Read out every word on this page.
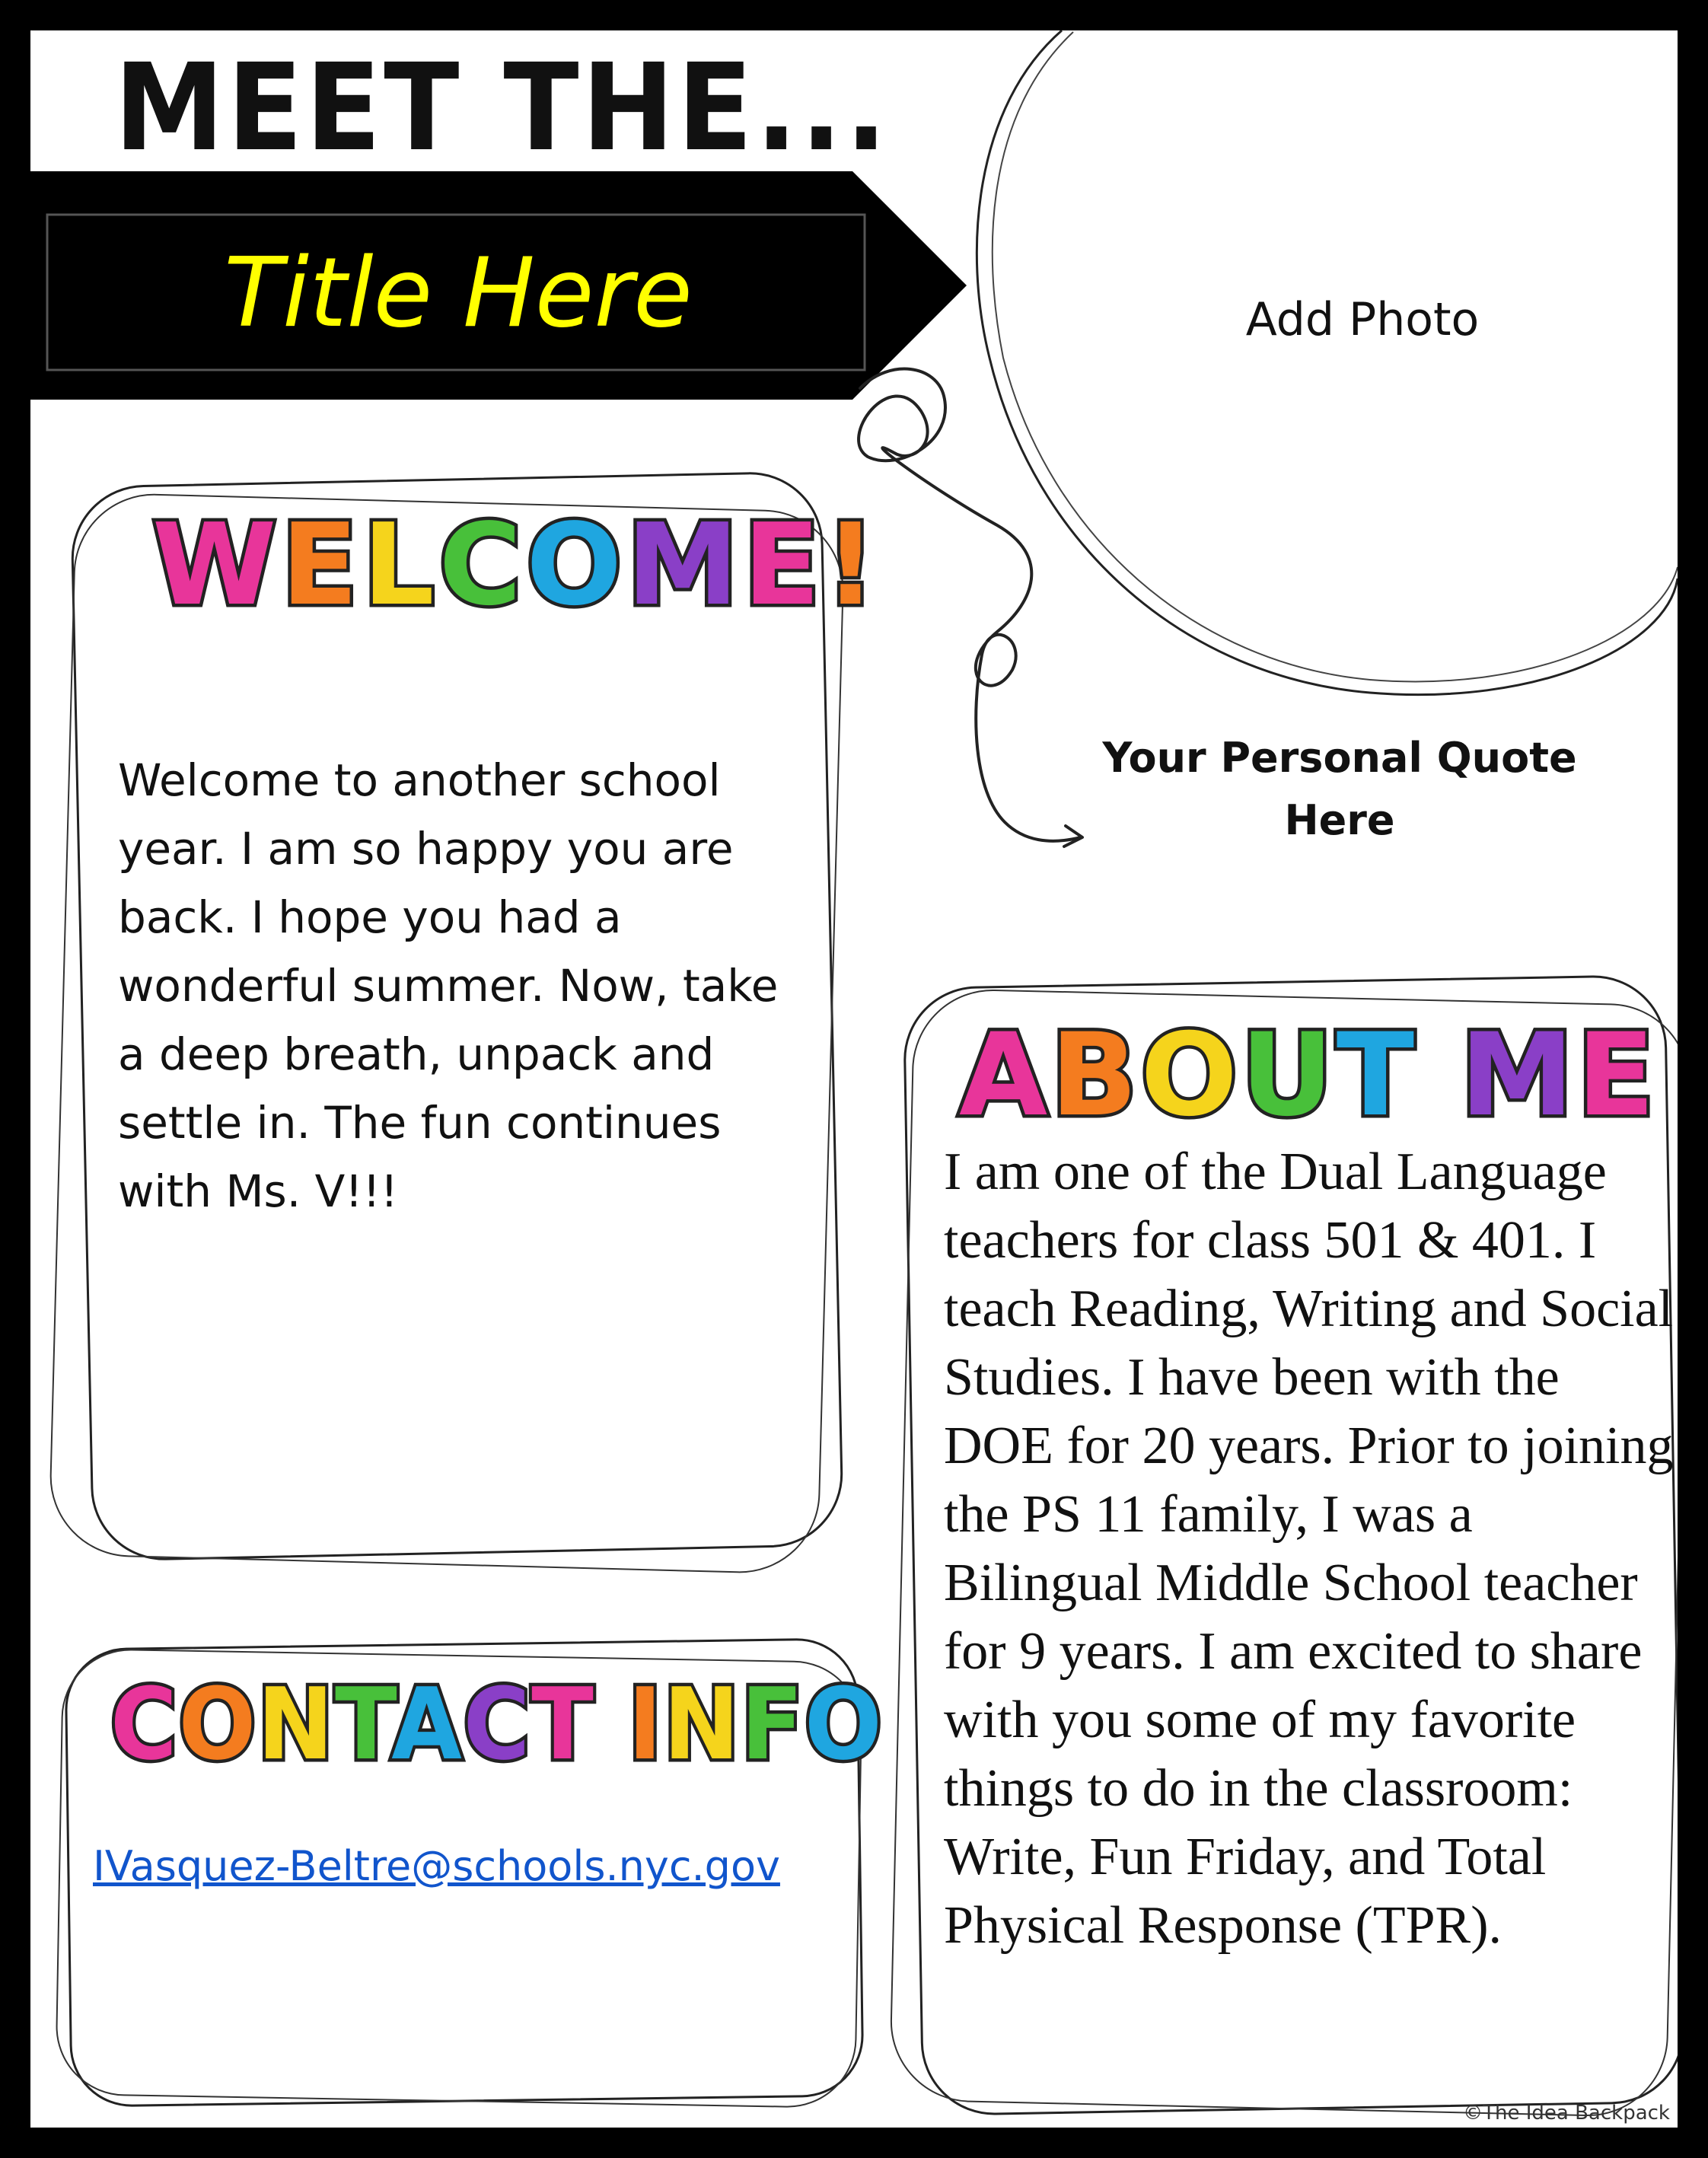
MEET THE...
Title Here	Add Photo
Your Personal Quote
Here
WELCOME!

Welcome to another school year. I am so happy you are back. I hope you had a wonderful summer. Now, take a deep breath, unpack and settle in. The fun continues with Ms. V!!!

CONTACT INFO
IVasquez-Beltre@schools.nyc.gov
ABOUT ME

I am one of the Dual Language teachers for class 501 & 401. I teach Reading, Writing and Social Studies. I have been with the DOE for 20 years. Prior to joining the PS 11 family, I was a Bilingual Middle School teacher for 9 years. I am excited to share with you some of my favorite things to do in the classroom: Write, Fun Friday, and Total Physical Response (TPR).

©The Idea Backpack
